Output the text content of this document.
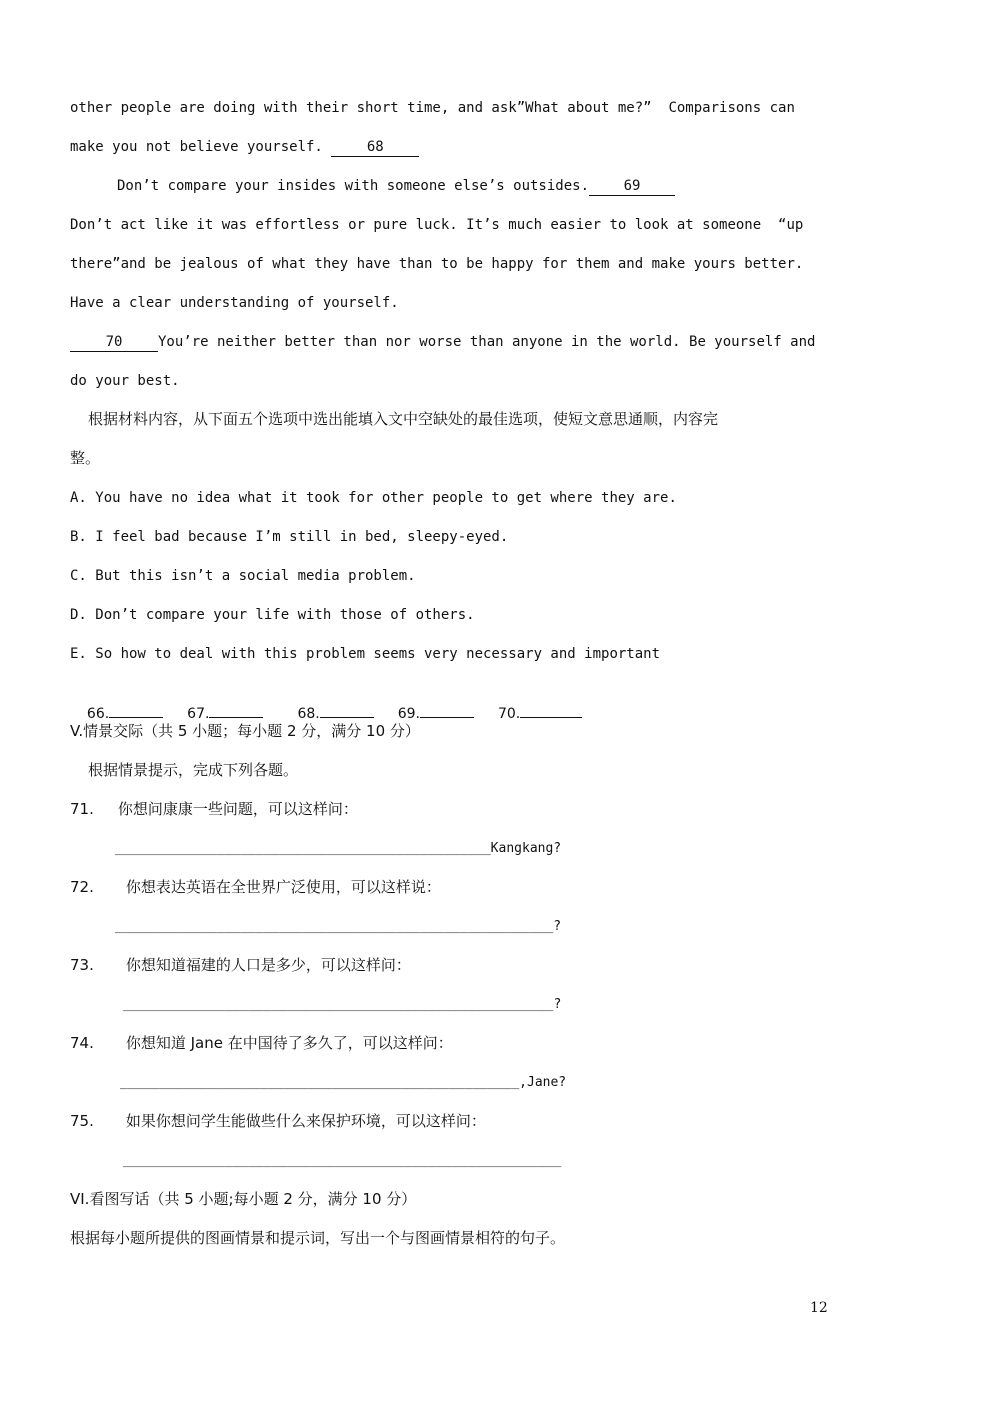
other people are doing with their short time, and ask”What about me?”  Comparisons can
make you not believe yourself.	68
Don’t compare your insides with someone else’s outsides. 69
Don’t act like it was effortless or pure luck. It’s much easier to look at someone  “up
there”and be jealous of what they have than to be happy for them and make yours better.
Have a clear understanding of yourself.
70	You’re neither better than nor worse than anyone in the world. Be yourself and
do your best.
根据材料内容，从下面五个选项中选出能填入文中空缺处的最佳选项，使短文意思通顺，内容完
整。
A. You have no idea what it took for other people to get where they are.
B. I feel bad because I’m still in bed, sleepy-eyed.
C. But this isn’t a social media problem.
D. Don’t compare your life with those of others.
E. So how to deal with this problem seems very necessary and important

66.	67.	68.	69.	70.

V.情景交际（共 5 小题；每小题 2 分，满分 10 分）
根据情景提示，完成下列各题。
71. 你想问康康一些问题，可以这样问：
________________________________________________Kangkang?
72. 你想表达英语在全世界广泛使用，可以这样说：
________________________________________________________?
73. 你想知道福建的人口是多少，可以这样问：
_______________________________________________________?
74. 你想知道 Jane 在中国待了多久了，可以这样问：
___________________________________________________,Jane?
75. 如果你想问学生能做些什么来保护环境，可以这样问：
________________________________________________________
VI.看图写话（共 5 小题;每小题 2 分，满分 10 分）
根据每小题所提供的图画情景和提示词，写出一个与图画情景相符的句子。
12
